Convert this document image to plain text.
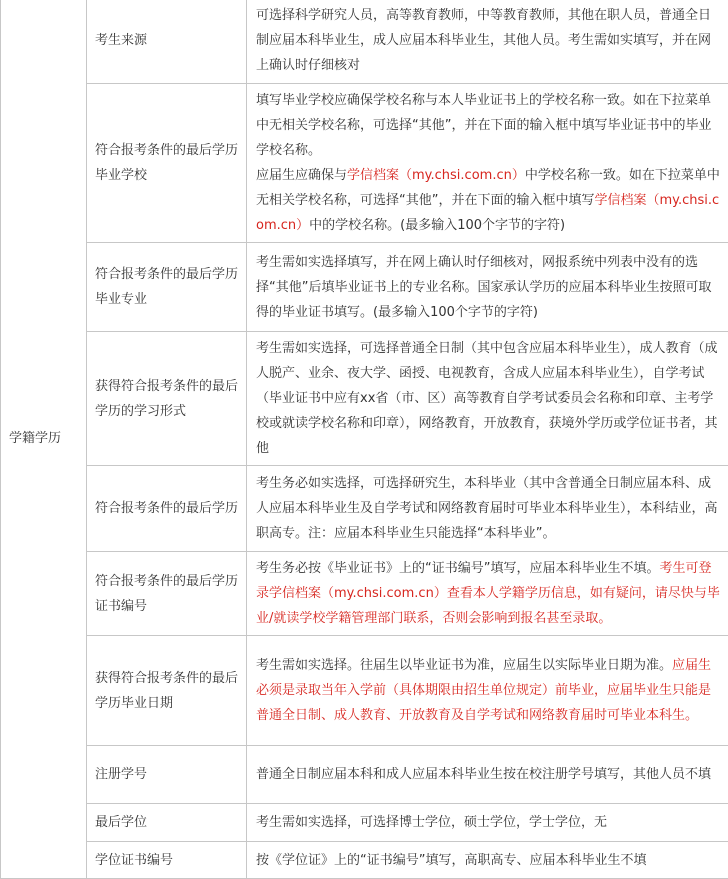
学籍学历	考生来源	可选择科学研究人员，高等教育教师，中等教育教师，其他在职人员，普通全日制应届本科毕业生，成人应届本科毕业生，其他人员。考生需如实填写，并在网上确认时仔细核对
	符合报考条件的最后学历毕业学校	填写毕业学校应确保学校名称与本人毕业证书上的学校名称一致。如在下拉菜单中无相关学校名称，可选择“其他”，并在下面的输入框中填写毕业证书中的毕业学校名称。

应届生应确保与学信档案（my.chsi.com.cn）中学校名称一致。如在下拉菜单中无相关学校名称，可选择“其他”，并在下面的输入框中填写学信档案（my.chsi.com.cn）中的学校名称。(最多输入100个字节的字符)

	符合报考条件的最后学历毕业专业	考生需如实选择填写，并在网上确认时仔细核对，网报系统中列表中没有的选择“其他”后填毕业证书上的专业名称。国家承认学历的应届本科毕业生按照可取得的毕业证书填写。(最多输入100个字节的字符)
	获得符合报考条件的最后学历的学习形式	考生需如实选择，可选择普通全日制（其中包含应届本科毕业生），成人教育（成人脱产、业余、夜大学、函授、电视教育，含成人应届本科毕业生），自学考试（毕业证书中应有xx省（市、区）高等教育自学考试委员会名称和印章、主考学校或就读学校名称和印章），网络教育，开放教育，获境外学历或学位证书者，其他
	符合报考条件的最后学历	考生务必如实选择，可选择研究生，本科毕业（其中含普通全日制应届本科、成人应届本科毕业生及自学考试和网络教育届时可毕业本科毕业生），本科结业，高职高专。注：应届本科毕业生只能选择“本科毕业”。
	符合报考条件的最后学历证书编号	考生务必按《毕业证书》上的“证书编号”填写，应届本科毕业生不填。考生可登录学信档案（my.chsi.com.cn）查看本人学籍学历信息，如有疑问，请尽快与毕业/就读学校学籍管理部门联系，否则会影响到报名甚至录取。
	获得符合报考条件的最后学历毕业日期	考生需如实选择。往届生以毕业证书为准，应届生以实际毕业日期为准。应届生必须是录取当年入学前（具体期限由招生单位规定）前毕业，应届毕业生只能是普通全日制、成人教育、开放教育及自学考试和网络教育届时可毕业本科生。
	注册学号	普通全日制应届本科和成人应届本科毕业生按在校注册学号填写，其他人员不填
	最后学位	考生需如实选择，可选择博士学位，硕士学位，学士学位，无
	学位证书编号	按《学位证》上的“证书编号”填写，高职高专、应届本科毕业生不填
